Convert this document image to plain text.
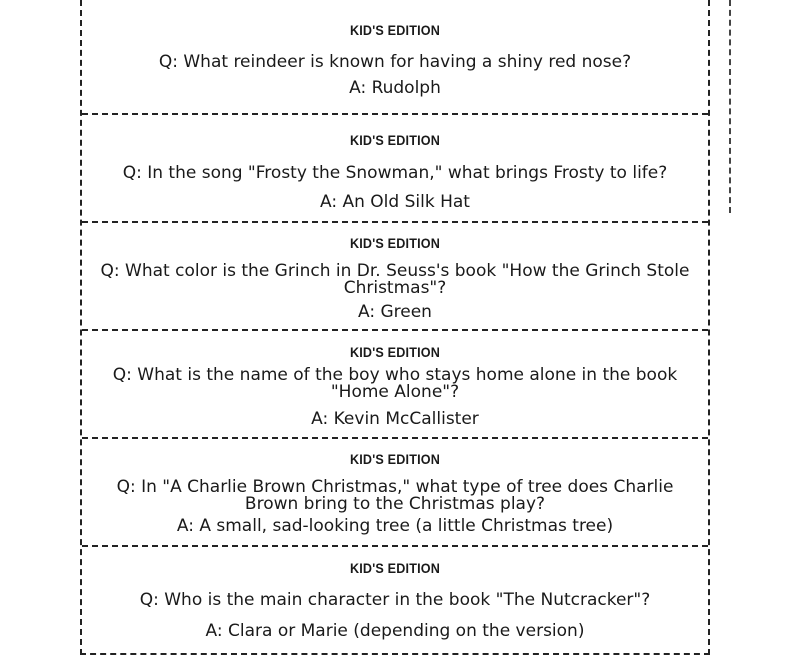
KID'S EDITION
Q: What reindeer is known for having a shiny red nose?
A: Rudolph
KID'S EDITION
Q: In the song "Frosty the Snowman," what brings Frosty to life?
A: An Old Silk Hat
KID'S EDITION
Q: What color is the Grinch in Dr. Seuss's book "How the Grinch Stole Christmas"?
A: Green
KID'S EDITION
Q: What is the name of the boy who stays home alone in the book "Home Alone"?
A: Kevin McCallister
KID'S EDITION
Q: In "A Charlie Brown Christmas," what type of tree does Charlie Brown bring to the Christmas play?
A: A small, sad-looking tree (a little Christmas tree)
KID'S EDITION
Q: Who is the main character in the book "The Nutcracker"?
A: Clara or Marie (depending on the version)
